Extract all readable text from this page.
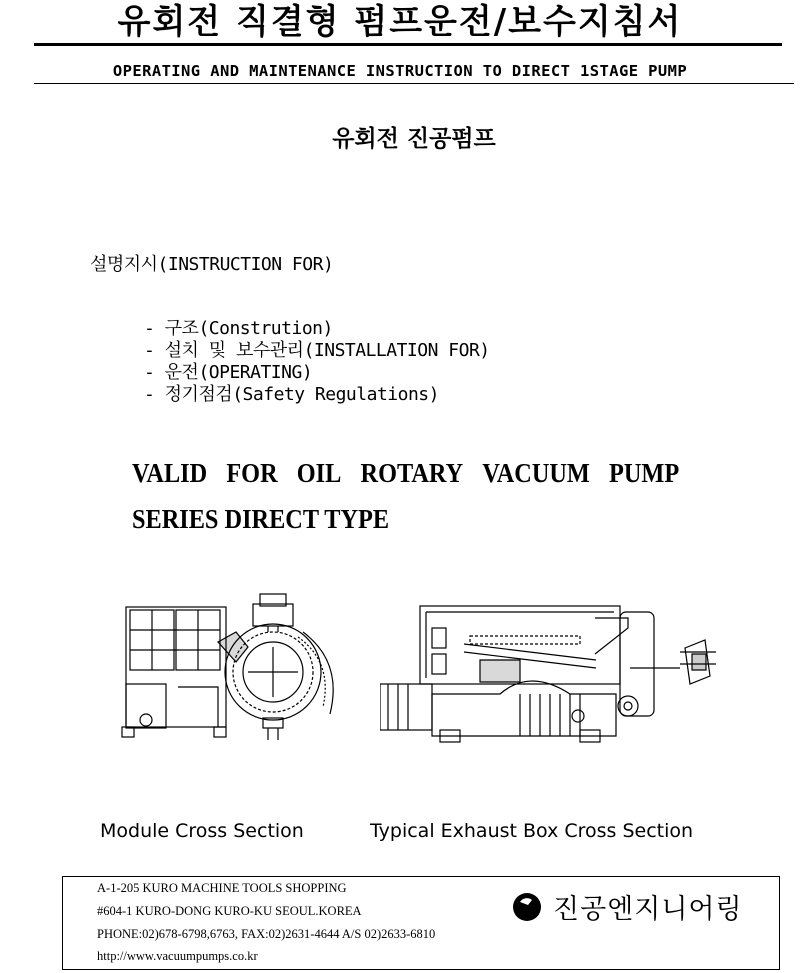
유회전 직결형 펌프운전/보수지침서
OPERATING AND MAINTENANCE INSTRUCTION TO DIRECT 1STAGE PUMP
유회전 진공펌프
설명지시(INSTRUCTION FOR)
- 구조(Constrution)
- 설치 및 보수관리(INSTALLATION FOR)
- 운전(OPERATING)
- 정기점검(Safety Regulations)
VALID FOR OIL ROTARY VACUUM PUMP
SERIES DIRECT TYPE
Module Cross Section	Typical Exhaust Box Cross Section
A-1-205 KURO MACHINE TOOLS SHOPPING
#604-1 KURO-DONG KURO-KU SEOUL.KOREA
PHONE:02)678-6798,6763, FAX:02)2631-4644 A/S 02)2633-6810
http://www.vacuumpumps.co.kr
진공엔지니어링
